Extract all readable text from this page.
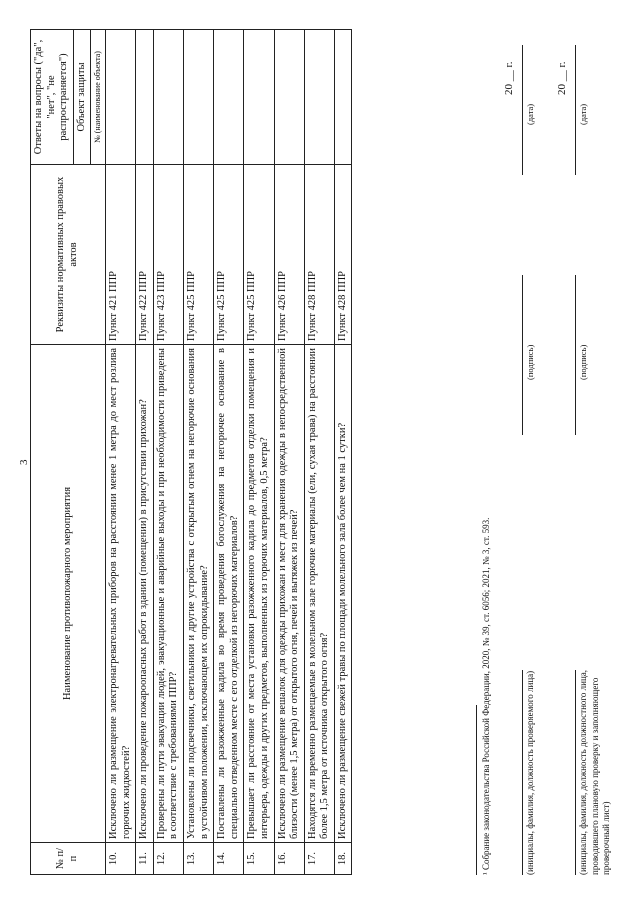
3
№ п/п	Наименование противопожарного мероприятия	Реквизиты нормативных правовых актов	Ответы на вопросы ("да", "нет", "не распространяется")
			Объект защиты
			№ (наименование объекта)
10.	Исключено ли размещение электронагревательных приборов на расстоянии менее 1 метра до мест розлива горючих жидкостей?	Пункт 421 ППР	
11.	Исключено ли проведение пожароопасных работ в здании (помещении) в присутствии прихожан?	Пункт 422 ППР	
12.	Проверены ли пути эвакуации людей, эвакуационные и аварийные выходы и при необходимости приведены в соответствие с требованиями ППР?	Пункт 423 ППР	
13.	Установлены ли подсвечники, светильники и другие устройства с открытым огнем на негорючие основания в устойчивом положении, исключающем их опрокидывание?	Пункт 425 ППР	
14.	Поставлены ли разожженные кадила во время проведения богослужения на негорючее основание в специально отведенном месте с его отделкой из негорючих материалов?	Пункт 425 ППР	
15.	Превышает ли расстояние от места установки разожженного кадила до предметов отделки помещения и интерьера, одежды и других предметов, выполненных из горючих материалов, 0,5 метра?	Пункт 425 ППР	
16.	Исключено ли размещение вешалок для одежды прихожан и мест для хранения одежды в непосредственной близости (менее 1,5 метра) от открытого огня, печей и вытяжек из печей?	Пункт 426 ППР	
17.	Находятся ли временно размещаемые в молельном зале горючие материалы (ели, сухая трава) на расстоянии более 1,5 метра от источника открытого огня?	Пункт 428 ППР	
18.	Исключено ли размещение свежей травы по площади молельного зала более чем на 1 сутки?	Пункт 428 ППР	
¹ Собрание законодательства Российской Федерации, 2020, № 39, ст. 6056; 2021, № 3, ст. 593.	(инициалы, фамилия, должность проверяемого лица)
(подпись)
(дата)
20 __ г.
(инициалы, фамилия, должность должностного лица, проводившего плановую проверку и заполняющего проверочный лист)
(подпись)
(дата)
20 __ г.
